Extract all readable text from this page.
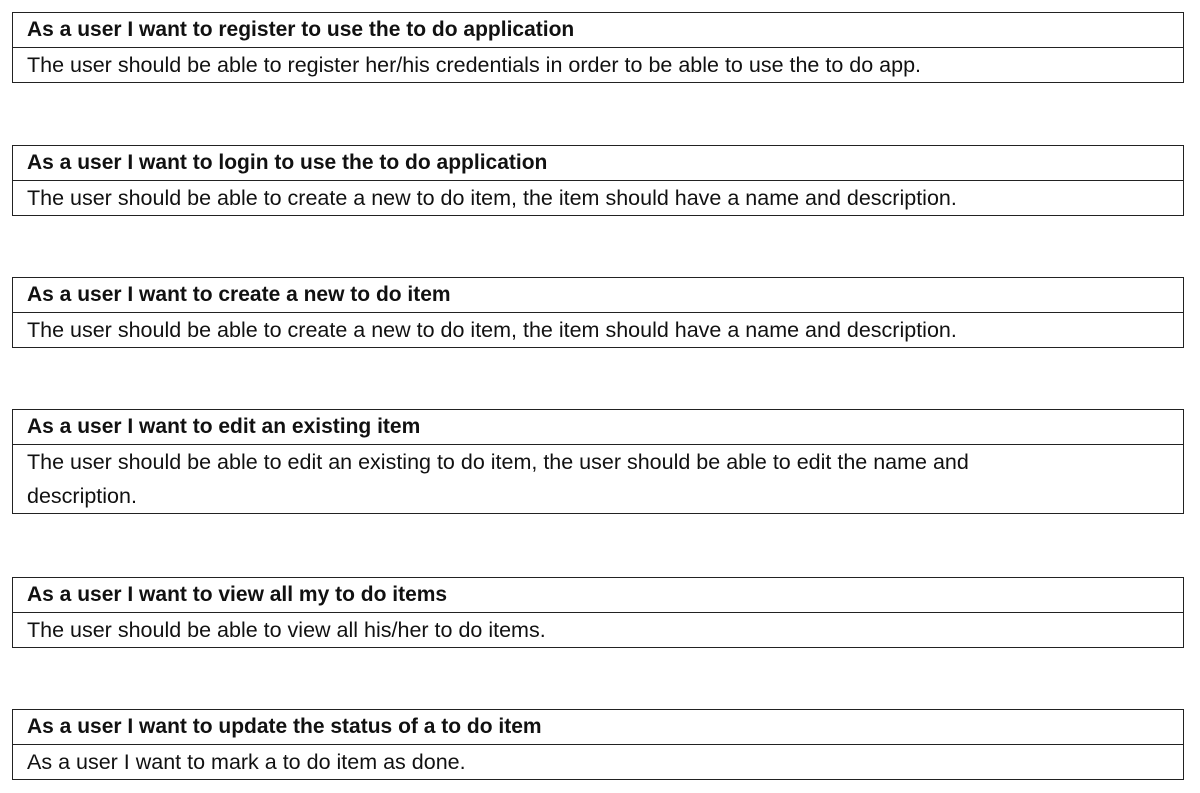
As a user I want to register to use the to do application
The user should be able to register her/his credentials in order to be able to use the to do app.
As a user I want to login to use the to do application
The user should be able to create a new to do item, the item should have a name and description.
As a user I want to create a new to do item
The user should be able to create a new to do item, the item should have a name and description.
As a user I want to edit an existing item
The user should be able to edit an existing to do item, the user should be able to edit the name and description.
As a user I want to view all my to do items
The user should be able to view all his/her to do items.
As a user I want to update the status of a to do item
As a user I want to mark a to do item as done.
